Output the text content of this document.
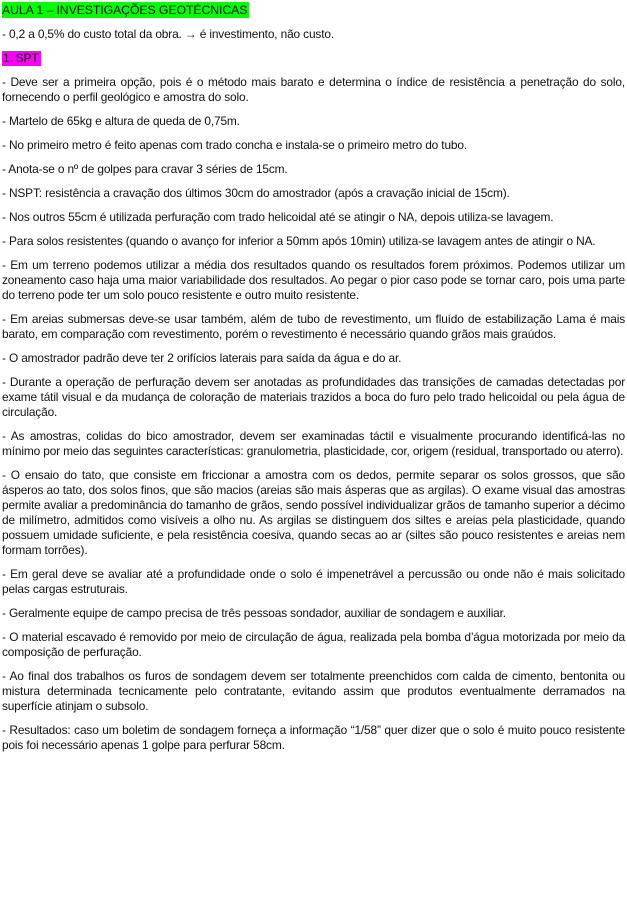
AULA 1 – INVESTIGAÇÕES GEOTÉCNICAS

- 0,2 a 0,5% do custo total da obra. → é investimento, não custo.

1. SPT

- Deve ser a primeira opção, pois é o método mais barato e determina o índice de resistência a penetração do solo, fornecendo o perfil geológico e amostra do solo.

- Martelo de 65kg e altura de queda de 0,75m.

- No primeiro metro é feito apenas com trado concha e instala-se o primeiro metro do tubo.

- Anota-se o nº de golpes para cravar 3 séries de 15cm.

- NSPT: resistência a cravação dos últimos 30cm do amostrador (após a cravação inicial de 15cm).

- Nos outros 55cm é utilizada perfuração com trado helicoidal até se atingir o NA, depois utiliza-se lavagem.

- Para solos resistentes (quando o avanço for inferior a 50mm após 10min) utiliza-se lavagem antes de atingir o NA.

- Em um terreno podemos utilizar a média dos resultados quando os resultados forem próximos. Podemos utilizar um zoneamento caso haja uma maior variabilidade dos resultados. Ao pegar o pior caso pode se tornar caro, pois uma parte do terreno pode ter um solo pouco resistente e outro muito resistente.

- Em areias submersas deve-se usar também, além de tubo de revestimento, um fluído de estabilização Lama é mais barato, em comparação com revestimento, porém o revestimento é necessário quando grãos mais graúdos.

- O amostrador padrão deve ter 2 orifícios laterais para saída da água e do ar.

- Durante a operação de perfuração devem ser anotadas as profundidades das transições de camadas detectadas por exame tátil visual e da mudança de coloração de materiais trazidos a boca do furo pelo trado helicoidal ou pela água de circulação.

- As amostras, colidas do bico amostrador, devem ser examinadas táctil e visualmente procurando identificá-las no mínimo por meio das seguintes características: granulometria, plasticidade, cor, origem (residual, transportado ou aterro).

- O ensaio do tato, que consiste em friccionar a amostra com os dedos, permite separar os solos grossos, que são ásperos ao tato, dos solos finos, que são macios (areias são mais ásperas que as argilas). O exame visual das amostras permite avaliar a predominância do tamanho de grãos, sendo possível individualizar grãos de tamanho superior a décimo de milímetro, admitidos como visíveis a olho nu. As argilas se distinguem dos siltes e areias pela plasticidade, quando possuem umidade suficiente, e pela resistência coesiva, quando secas ao ar (siltes são pouco resistentes e areias nem formam torrões).

- Em geral deve se avaliar até a profundidade onde o solo é impenetrável a percussão ou onde não é mais solicitado pelas cargas estruturais.

- Geralmente equipe de campo precisa de três pessoas sondador, auxiliar de sondagem e auxiliar.

- O material escavado é removido por meio de circulação de água, realizada pela bomba d’água motorizada por meio da composição de perfuração.

- Ao final dos trabalhos os furos de sondagem devem ser totalmente preenchidos com calda de cimento, bentonita ou mistura determinada tecnicamente pelo contratante, evitando assim que produtos eventualmente derramados na superfície atinjam o subsolo.

- Resultados: caso um boletim de sondagem forneça a informação “1/58” quer dizer que o solo é muito pouco resistente pois foi necessário apenas 1 golpe para perfurar 58cm.
